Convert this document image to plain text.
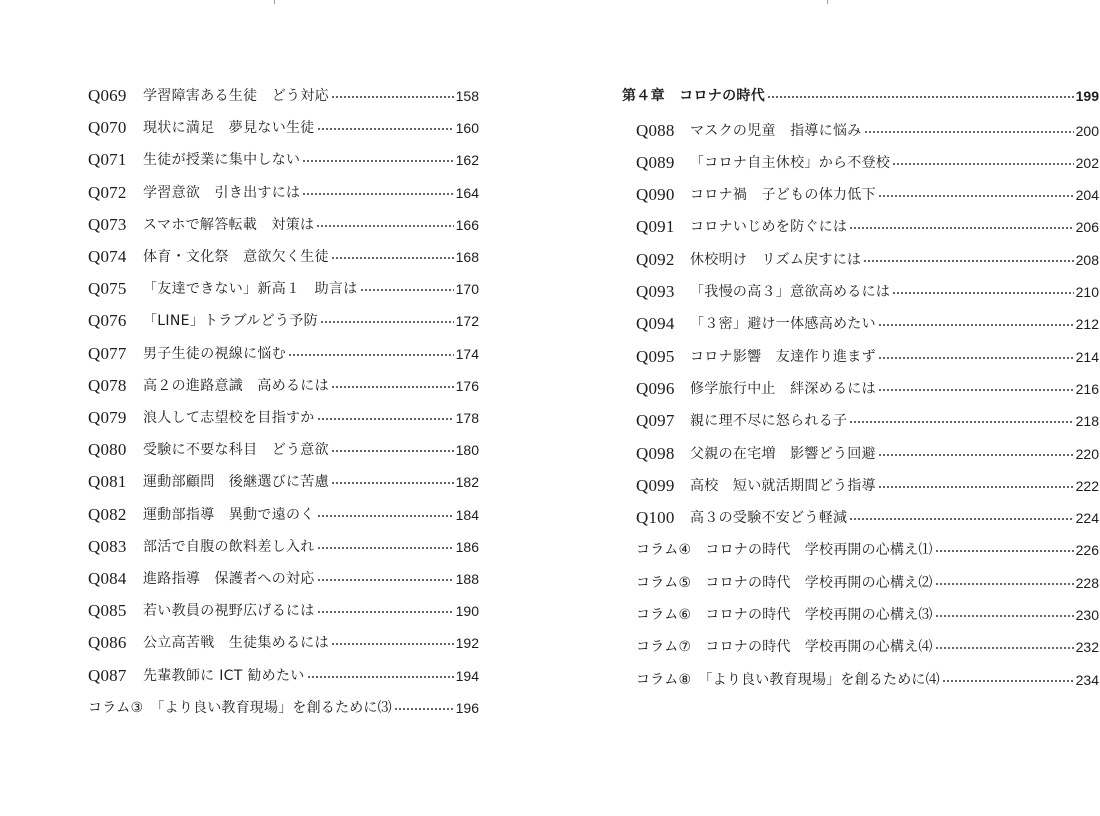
Q069	学習障害ある生徒　どう対応	158
Q070	現状に満足　夢見ない生徒	160
Q071	生徒が授業に集中しない	162
Q072	学習意欲　引き出すには	164
Q073	スマホで解答転載　対策は	166
Q074	体育・文化祭　意欲欠く生徒	168
Q075	「友達できない」新高１　助言は	170
Q076	「LINE」トラブルどう予防	172
Q077	男子生徒の視線に悩む	174
Q078	高２の進路意識　高めるには	176
Q079	浪人して志望校を目指すか	178
Q080	受験に不要な科目　どう意欲	180
Q081	運動部顧問　後継選びに苦慮	182
Q082	運動部指導　異動で遠のく	184
Q083	部活で自腹の飲料差し入れ	186
Q084	進路指導　保護者への対応	188
Q085	若い教員の視野広げるには	190
Q086	公立高苦戦　生徒集めるには	192
Q087	先輩教師に ICT 勧めたい	194
コラム③　「より良い教育現場」を創るために⑶	196
第４章　コロナの時代	199
Q088	マスクの児童　指導に悩み	200
Q089	「コロナ自主休校」から不登校	202
Q090	コロナ禍　子どもの体力低下	204
Q091	コロナいじめを防ぐには	206
Q092	休校明け　リズム戻すには	208
Q093	「我慢の高３」意欲高めるには	210
Q094	「３密」避け一体感高めたい	212
Q095	コロナ影響　友達作り進まず	214
Q096	修学旅行中止　絆深めるには	216
Q097	親に理不尽に怒られる子	218
Q098	父親の在宅増　影響どう回避	220
Q099	高校　短い就活期間どう指導	222
Q100	高３の受験不安どう軽減	224
コラム④　コロナの時代　学校再開の心構え⑴	226
コラム⑤　コロナの時代　学校再開の心構え⑵	228
コラム⑥　コロナの時代　学校再開の心構え⑶	230
コラム⑦　コロナの時代　学校再開の心構え⑷	232
コラム⑧　「より良い教育現場」を創るために⑷	234
